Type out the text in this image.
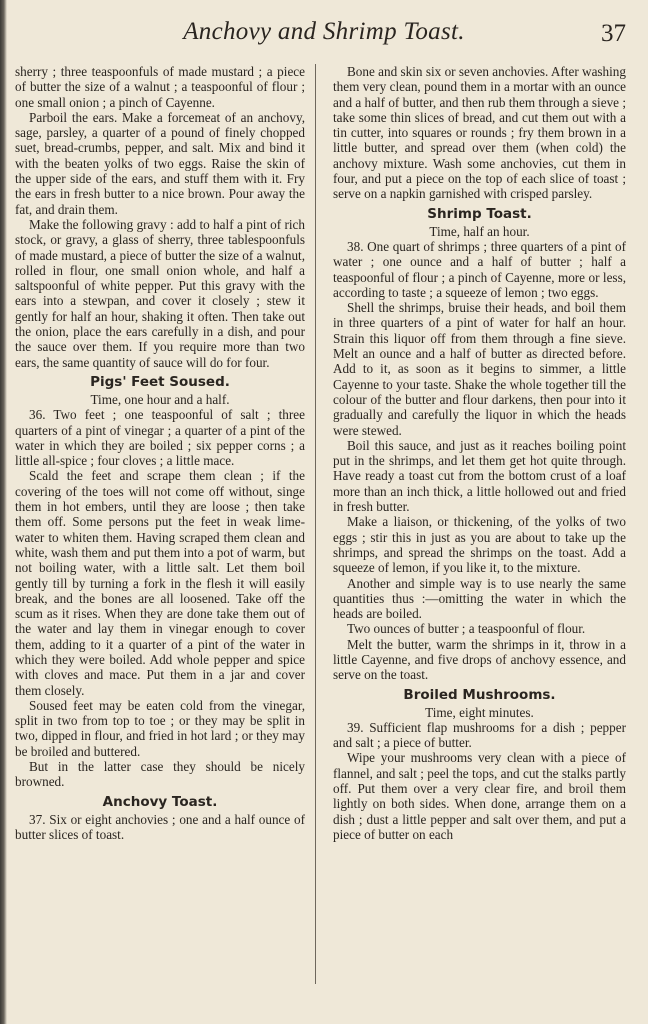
Anchovy and Shrimp Toast.	37

sherry ; three teaspoonfuls of made mustard ; a piece of butter the size of a walnut ; a teaspoonful of flour ; one small onion ; a pinch of Cayenne.

Parboil the ears. Make a forcemeat of an anchovy, sage, parsley, a quarter of a pound of finely chopped suet, bread-crumbs, pepper, and salt. Mix and bind it with the beaten yolks of two eggs. Raise the skin of the upper side of the ears, and stuff them with it. Fry the ears in fresh butter to a nice brown. Pour away the fat, and drain them.

Make the following gravy : add to half a pint of rich stock, or gravy, a glass of sherry, three tablespoonfuls of made mustard, a piece of butter the size of a walnut, rolled in flour, one small onion whole, and half a saltspoonful of white pepper. Put this gravy with the ears into a stewpan, and cover it closely ; stew it gently for half an hour, shaking it often. Then take out the onion, place the ears carefully in a dish, and pour the sauce over them. If you require more than two ears, the same quantity of sauce will do for four.

Pigs' Feet Soused.

Time, one hour and a half.

36. Two feet ; one teaspoonful of salt ; three quarters of a pint of vinegar ; a quarter of a pint of the water in which they are boiled ; six pepper corns ; a little all-spice ; four cloves ; a little mace.

Scald the feet and scrape them clean ; if the covering of the toes will not come off without, singe them in hot embers, until they are loose ; then take them off. Some persons put the feet in weak lime-water to whiten them. Having scraped them clean and white, wash them and put them into a pot of warm, but not boiling water, with a little salt. Let them boil gently till by turning a fork in the flesh it will easily break, and the bones are all loosened. Take off the scum as it rises. When they are done take them out of the water and lay them in vinegar enough to cover them, adding to it a quarter of a pint of the water in which they were boiled. Add whole pepper and spice with cloves and mace. Put them in a jar and cover them closely.

Soused feet may be eaten cold from the vinegar, split in two from top to toe ; or they may be split in two, dipped in flour, and fried in hot lard ; or they may be broiled and buttered.

But in the latter case they should be nicely browned.

Anchovy Toast.

37. Six or eight anchovies ; one and a half ounce of butter slices of toast.

Bone and skin six or seven anchovies. After washing them very clean, pound them in a mortar with an ounce and a half of butter, and then rub them through a sieve ; take some thin slices of bread, and cut them out with a tin cutter, into squares or rounds ; fry them brown in a little butter, and spread over them (when cold) the anchovy mixture. Wash some anchovies, cut them in four, and put a piece on the top of each slice of toast ; serve on a napkin garnished with crisped parsley.

Shrimp Toast.

Time, half an hour.

38. One quart of shrimps ; three quarters of a pint of water ; one ounce and a half of butter ; half a teaspoonful of flour ; a pinch of Cayenne, more or less, according to taste ; a squeeze of lemon ; two eggs.

Shell the shrimps, bruise their heads, and boil them in three quarters of a pint of water for half an hour. Strain this liquor off from them through a fine sieve. Melt an ounce and a half of butter as directed before. Add to it, as soon as it begins to simmer, a little Cayenne to your taste. Shake the whole together till the colour of the butter and flour darkens, then pour into it gradually and carefully the liquor in which the heads were stewed.

Boil this sauce, and just as it reaches boiling point put in the shrimps, and let them get hot quite through. Have ready a toast cut from the bottom crust of a loaf more than an inch thick, a little hollowed out and fried in fresh butter.

Make a liaison, or thickening, of the yolks of two eggs ; stir this in just as you are about to take up the shrimps, and spread the shrimps on the toast. Add a squeeze of lemon, if you like it, to the mixture.

Another and simple way is to use nearly the same quantities thus :—omitting the water in which the heads are boiled.

Two ounces of butter ; a teaspoonful of flour.

Melt the butter, warm the shrimps in it, throw in a little Cayenne, and five drops of anchovy essence, and serve on the toast.

Broiled Mushrooms.

Time, eight minutes.

39. Sufficient flap mushrooms for a dish ; pepper and salt ; a piece of butter.

Wipe your mushrooms very clean with a piece of flannel, and salt ; peel the tops, and cut the stalks partly off. Put them over a very clear fire, and broil them lightly on both sides. When done, arrange them on a dish ; dust a little pepper and salt over them, and put a piece of butter on each
